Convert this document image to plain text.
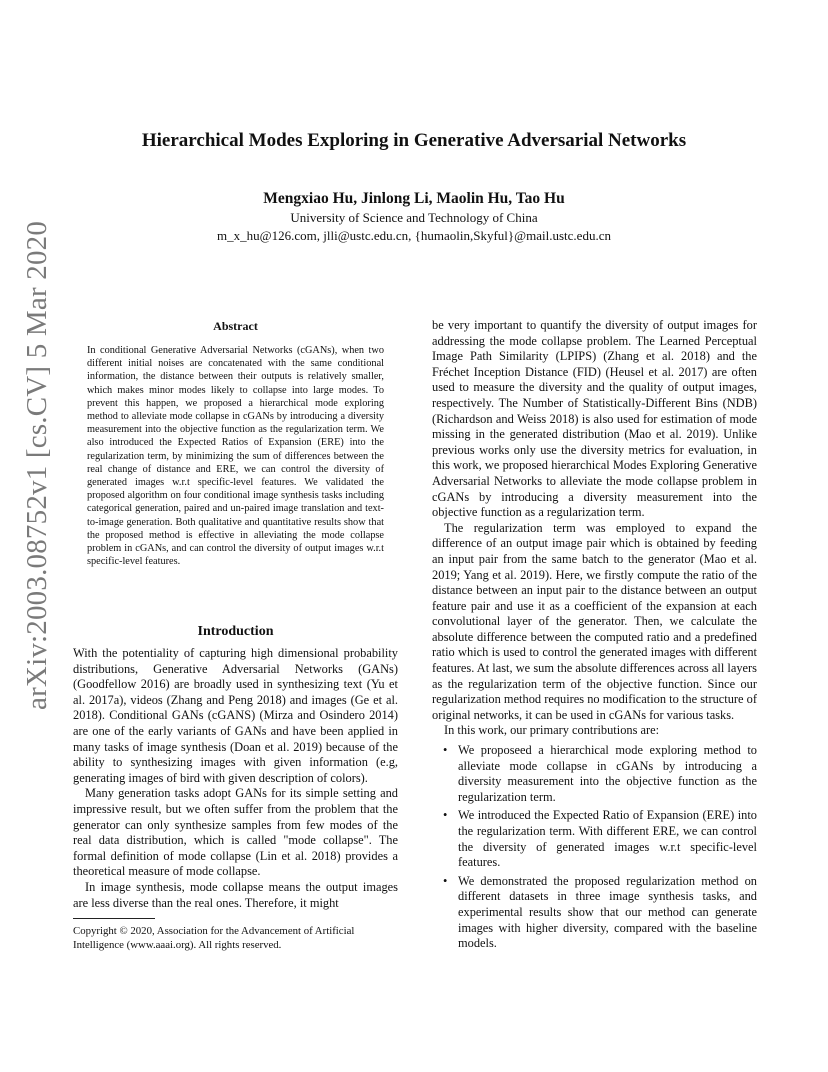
arXiv:2003.08752v1 [cs.CV] 5 Mar 2020
Hierarchical Modes Exploring in Generative Adversarial Networks
Mengxiao Hu, Jinlong Li, Maolin Hu, Tao Hu
University of Science and Technology of China
m_x_hu@126.com, jlli@ustc.edu.cn, {humaolin,Skyful}@mail.ustc.edu.cn
Abstract
In conditional Generative Adversarial Networks (cGANs), when two different initial noises are concatenated with the same conditional information, the distance between their outputs is relatively smaller, which makes minor modes likely to collapse into large modes. To prevent this happen, we proposed a hierarchical mode exploring method to alleviate mode collapse in cGANs by introducing a diversity measurement into the objective function as the regularization term. We also introduced the Expected Ratios of Expansion (ERE) into the regularization term, by minimizing the sum of differences between the real change of distance and ERE, we can control the diversity of generated images w.r.t specific-level features. We validated the proposed algorithm on four conditional image synthesis tasks including categorical generation, paired and un-paired image translation and text-to-image generation. Both qualitative and quantitative results show that the proposed method is effective in alleviating the mode collapse problem in cGANs, and can control the diversity of output images w.r.t specific-level features.
Introduction

With the potentiality of capturing high dimensional probability distributions, Generative Adversarial Networks (GANs) (Goodfellow 2016) are broadly used in synthesizing text (Yu et al. 2017a), videos (Zhang and Peng 2018) and images (Ge et al. 2018). Conditional GANs (cGANS) (Mirza and Osindero 2014) are one of the early variants of GANs and have been applied in many tasks of image synthesis (Doan et al. 2019) because of the ability to synthesizing images with given information (e.g, generating images of bird with given description of colors).

Many generation tasks adopt GANs for its simple setting and impressive result, but we often suffer from the problem that the generator can only synthesize samples from few modes of the real data distribution, which is called "mode collapse". The formal definition of mode collapse (Lin et al. 2018) provides a theoretical measure of mode collapse.

In image synthesis, mode collapse means the output images are less diverse than the real ones. Therefore, it might

be very important to quantify the diversity of output images for addressing the mode collapse problem. The Learned Perceptual Image Path Similarity (LPIPS) (Zhang et al. 2018) and the Fréchet Inception Distance (FID) (Heusel et al. 2017) are often used to measure the diversity and the quality of output images, respectively. The Number of Statistically-Different Bins (NDB) (Richardson and Weiss 2018) is also used for estimation of mode missing in the generated distribution (Mao et al. 2019). Unlike previous works only use the diversity metrics for evaluation, in this work, we proposed hierarchical Modes Exploring Generative Adversarial Networks to alleviate the mode collapse problem in cGANs by introducing a diversity measurement into the objective function as a regularization term.

The regularization term was employed to expand the difference of an output image pair which is obtained by feeding an input pair from the same batch to the generator (Mao et al. 2019; Yang et al. 2019). Here, we firstly compute the ratio of the distance between an input pair to the distance between an output feature pair and use it as a coefficient of the expansion at each convolutional layer of the generator. Then, we calculate the absolute difference between the computed ratio and a predefined ratio which is used to control the generated images with different features. At last, we sum the absolute differences across all layers as the regularization term of the objective function. Since our regularization method requires no modification to the structure of original networks, it can be used in cGANs for various tasks.

In this work, our primary contributions are:

• We proposeed a hierarchical mode exploring method to alleviate mode collapse in cGANs by introducing a diversity measurement into the objective function as the regularization term.
• We introduced the Expected Ratio of Expansion (ERE) into the regularization term. With different ERE, we can control the diversity of generated images w.r.t specific-level features.
• We demonstrated the proposed regularization method on different datasets in three image synthesis tasks, and experimental results show that our method can generate images with higher diversity, compared with the baseline models.
Copyright © 2020, Association for the Advancement of Artificial Intelligence (www.aaai.org). All rights reserved.
